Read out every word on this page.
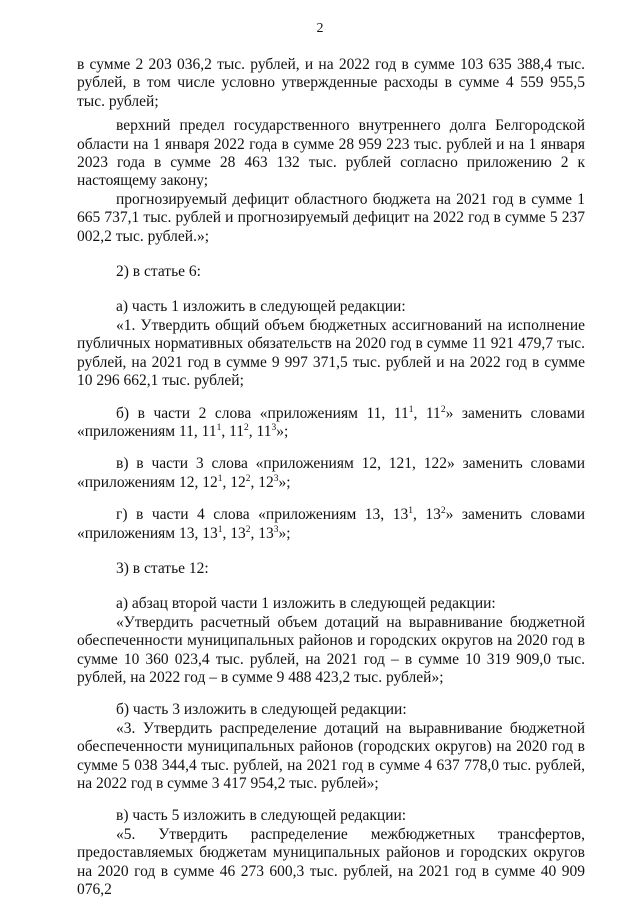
2

в сумме 2 203 036,2 тыс. рублей, и на 2022 год в сумме 103 635 388,4 тыс. рублей, в том числе условно утвержденные расходы в сумме 4 559 955,5 тыс. рублей;

верхний предел государственного внутреннего долга Белгородской области на 1 января 2022 года в сумме 28 959 223 тыс. рублей и на 1 января 2023 года в сумме 28 463 132 тыс. рублей согласно приложению 2 к настоящему закону;

прогнозируемый дефицит областного бюджета на 2021 год в сумме 1 665 737,1 тыс. рублей и прогнозируемый дефицит на 2022 год в сумме 5 237 002,2 тыс. рублей.»;

2) в статье 6:

а) часть 1 изложить в следующей редакции:

«1. Утвердить общий объем бюджетных ассигнований на исполнение публичных нормативных обязательств на 2020 год в сумме 11 921 479,7 тыс. рублей, на 2021 год в сумме 9 997 371,5 тыс. рублей и на 2022 год в сумме 10 296 662,1 тыс. рублей;

б) в части 2 слова «приложениям 11, $11^1$, $11^2$» заменить словами «приложениям 11, $11^1$, $11^2$, $11^3$»;

в) в части 3 слова «приложениям 12, 121, 122» заменить словами «приложениям 12, $12^1$, $12^2$, $12^3$»;

г) в части 4 слова «приложениям 13, $13^1$, $13^2$» заменить словами «приложениям 13, $13^1$, $13^2$, $13^3$»;

3) в статье 12:

а) абзац второй части 1 изложить в следующей редакции:

«Утвердить расчетный объем дотаций на выравнивание бюджетной обеспеченности муниципальных районов и городских округов на 2020 год в сумме 10 360 023,4 тыс. рублей, на 2021 год – в сумме 10 319 909,0 тыс. рублей, на 2022 год – в сумме 9 488 423,2 тыс. рублей»;

б) часть 3 изложить в следующей редакции:

«3. Утвердить распределение дотаций на выравнивание бюджетной обеспеченности муниципальных районов (городских округов) на 2020 год в сумме 5 038 344,4 тыс. рублей, на 2021 год в сумме 4 637 778,0 тыс. рублей, на 2022 год в сумме 3 417 954,2 тыс. рублей»;

в) часть 5 изложить в следующей редакции:

«5. Утвердить распределение межбюджетных трансфертов, предоставляемых бюджетам муниципальных районов и городских округов на 2020 год в сумме 46 273 600,3 тыс. рублей, на 2021 год в сумме 40 909 076,2
